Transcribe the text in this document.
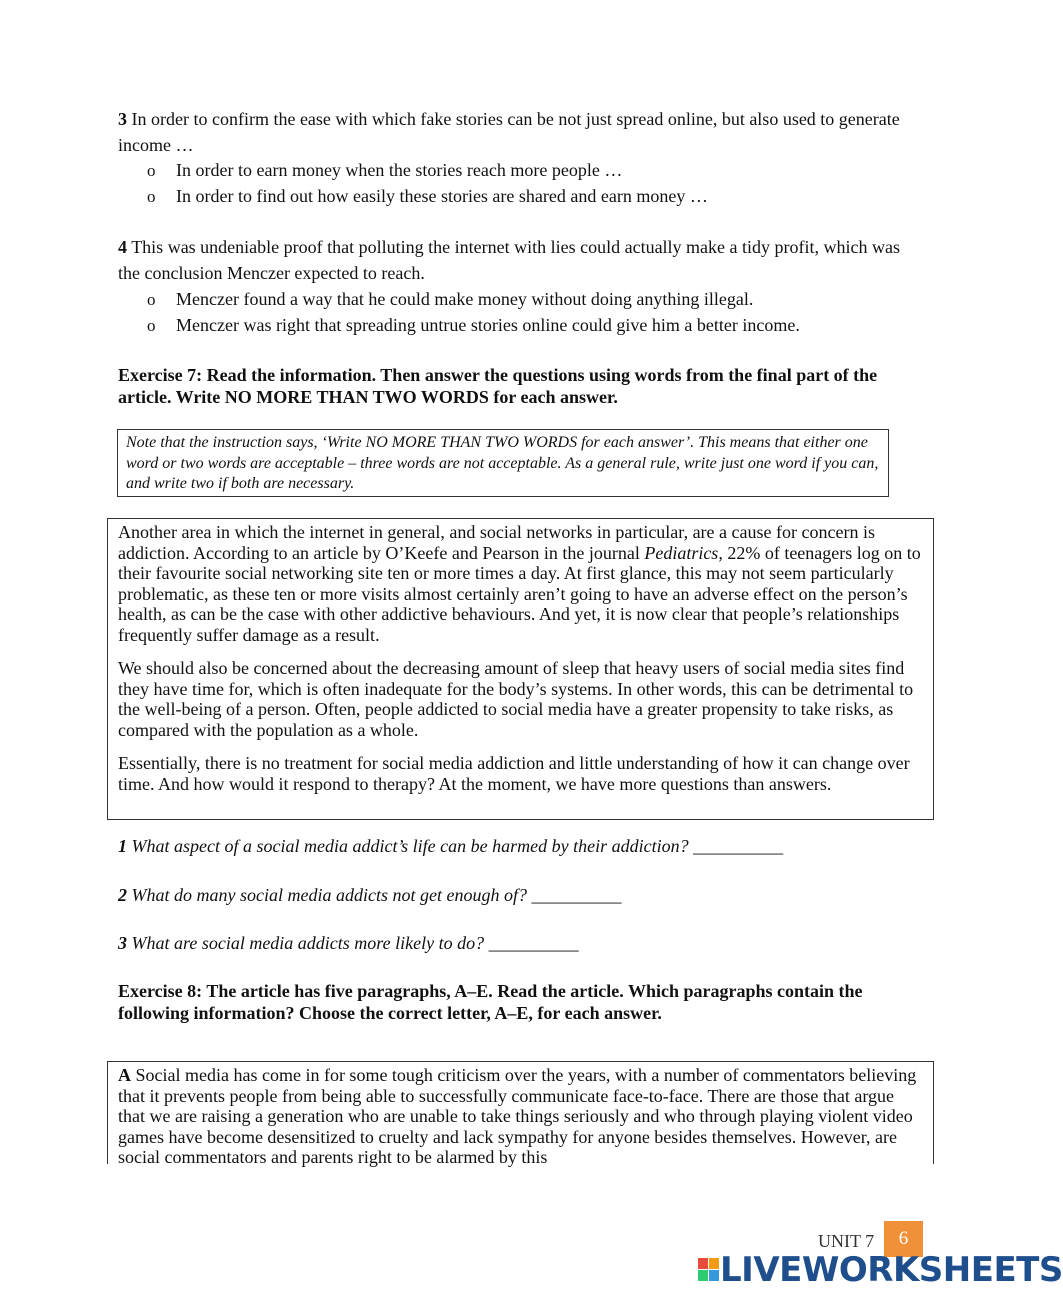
3 In order to confirm the ease with which fake stories can be not just spread online, but also used to generate income …
o In order to earn money when the stories reach more people …
o In order to find out how easily these stories are shared and earn money …
4 This was undeniable proof that polluting the internet with lies could actually make a tidy profit, which was the conclusion Menczer expected to reach.
o Menczer found a way that he could make money without doing anything illegal.
o Menczer was right that spreading untrue stories online could give him a better income.
Exercise 7: Read the information. Then answer the questions using words from the final part of the article. Write NO MORE THAN TWO WORDS for each answer.
Note that the instruction says, ‘Write NO MORE THAN TWO WORDS for each answer’. This means that either one word or two words are acceptable – three words are not acceptable. As a general rule, write just one word if you can, and write two if both are necessary.

Another area in which the internet in general, and social networks in particular, are a cause for concern is addiction. According to an article by O’Keefe and Pearson in the journal Pediatrics, 22% of teenagers log on to their favourite social networking site ten or more times a day. At first glance, this may not seem particularly problematic, as these ten or more visits almost certainly aren’t going to have an adverse effect on the person’s health, as can be the case with other addictive behaviours. And yet, it is now clear that people’s relationships frequently suffer damage as a result.

We should also be concerned about the decreasing amount of sleep that heavy users of social media sites find they have time for, which is often inadequate for the body’s systems. In other words, this can be detrimental to the well-being of a person. Often, people addicted to social media have a greater propensity to take risks, as compared with the population as a whole.

Essentially, there is no treatment for social media addiction and little understanding of how it can change over time. And how would it respond to therapy? At the moment, we have more questions than answers.

1 What aspect of a social media addict’s life can be harmed by their addiction? __________
2 What do many social media addicts not get enough of? __________
3 What are social media addicts more likely to do? __________
Exercise 8: The article has five paragraphs, A–E. Read the article. Which paragraphs contain the following information? Choose the correct letter, A–E, for each answer.
A Social media has come in for some tough criticism over the years, with a number of commentators believing that it prevents people from being able to successfully communicate face-to-face. There are those that argue that we are raising a generation who are unable to take things seriously and who through playing violent video games have become desensitized to cruelty and lack sympathy for anyone besides themselves. However, are social commentators and parents right to be alarmed by this
UNIT 7	6
LIVEWORKSHEETS
